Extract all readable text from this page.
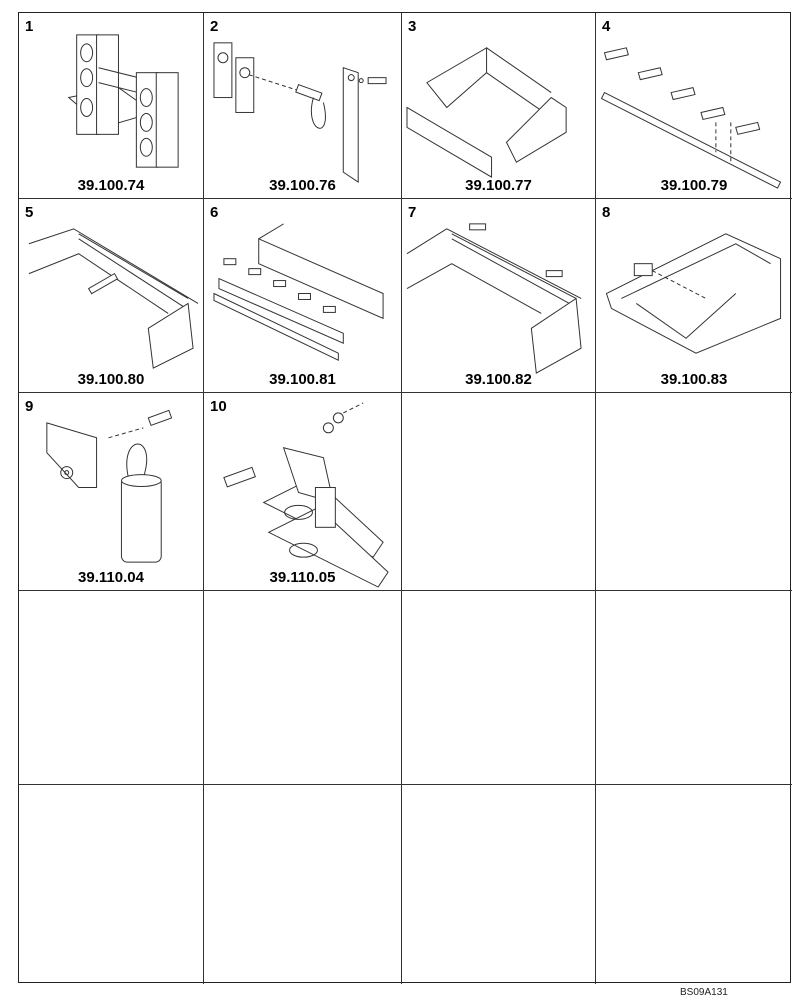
1
39.100.74
2
39.100.76
3
39.100.77
4
39.100.79
5
39.100.80
6
39.100.81
7
39.100.82
8
39.100.83
9
39.110.04
10
39.110.05
BS09A131
